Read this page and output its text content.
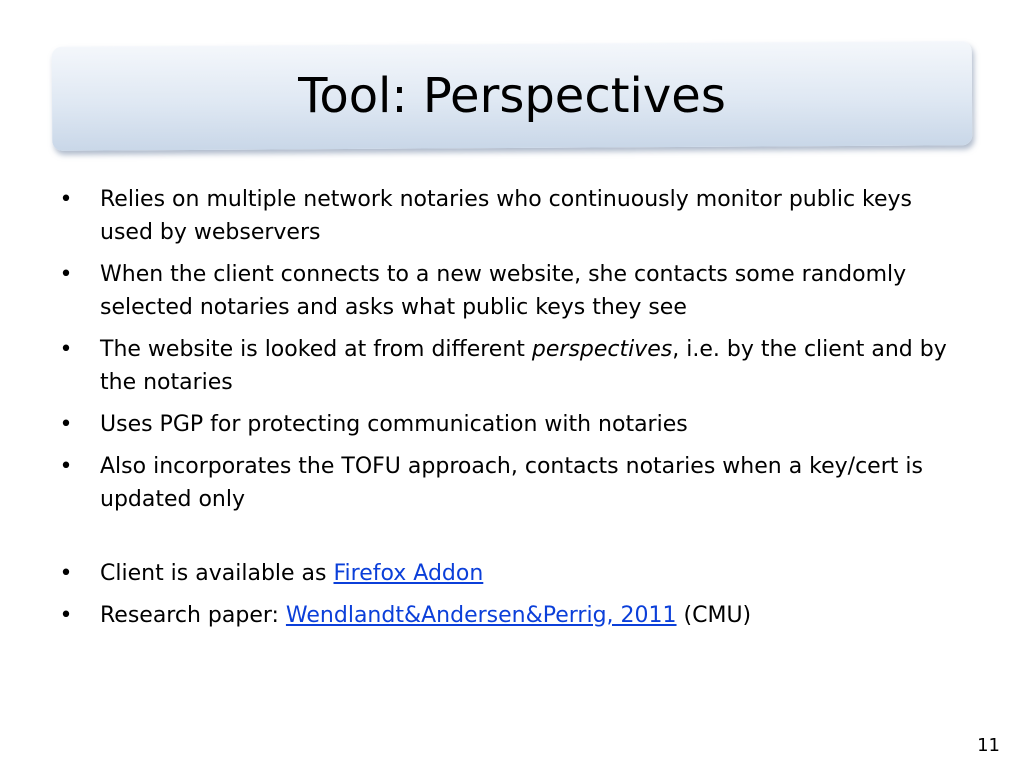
Tool: Perspectives
• Relies on multiple network notaries who continuously monitor public keys used by webservers
• When the client connects to a new website, she contacts some randomly selected notaries and asks what public keys they see
• The website is looked at from different perspectives, i.e. by the client and by the notaries
• Uses PGP for protecting communication with notaries
• Also incorporates the TOFU approach, contacts notaries when a key/cert is updated only
• Client is available as Firefox Addon
• Research paper: Wendlandt&Andersen&Perrig, 2011 (CMU)
11
